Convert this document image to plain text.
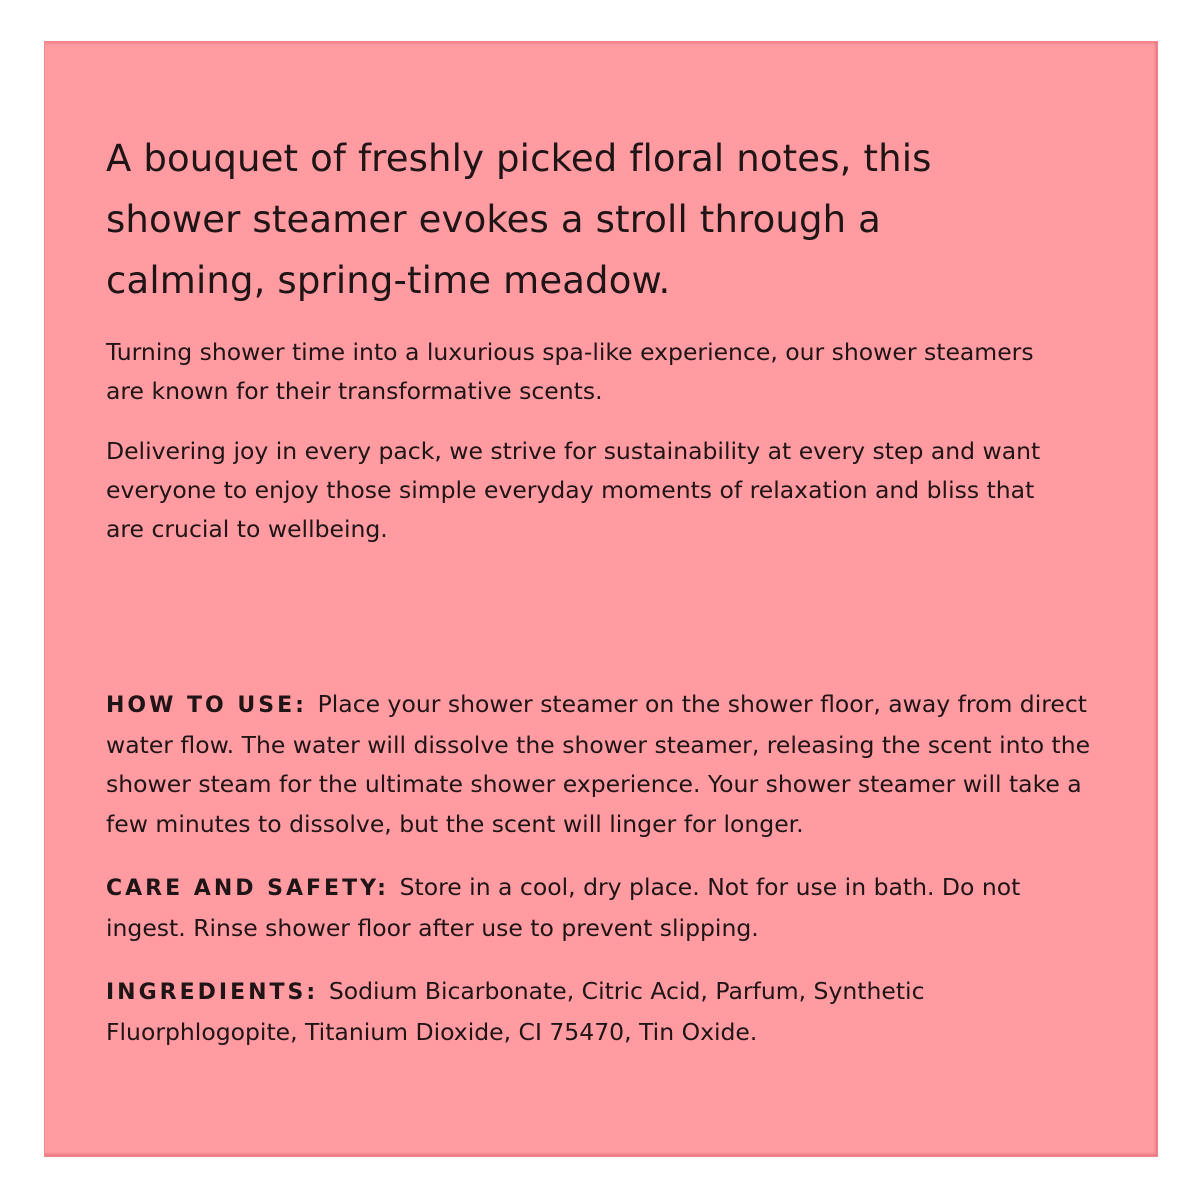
A bouquet of freshly picked floral notes, this shower steamer evokes a stroll through a calming, spring-time meadow.

Turning shower time into a luxurious spa-like experience, our shower steamers are known for their transformative scents.

Delivering joy in every pack, we strive for sustainability at every step and want everyone to enjoy those simple everyday moments of relaxation and bliss that are crucial to wellbeing.

HOW TO USE: Place your shower steamer on the shower floor, away from direct water flow. The water will dissolve the shower steamer, releasing the scent into the shower steam for the ultimate shower experience. Your shower steamer will take a few minutes to dissolve, but the scent will linger for longer.

CARE AND SAFETY: Store in a cool, dry place. Not for use in bath. Do not ingest. Rinse shower floor after use to prevent slipping.

INGREDIENTS: Sodium Bicarbonate, Citric Acid, Parfum, Synthetic Fluorphlogopite, Titanium Dioxide, CI 75470, Tin Oxide.
